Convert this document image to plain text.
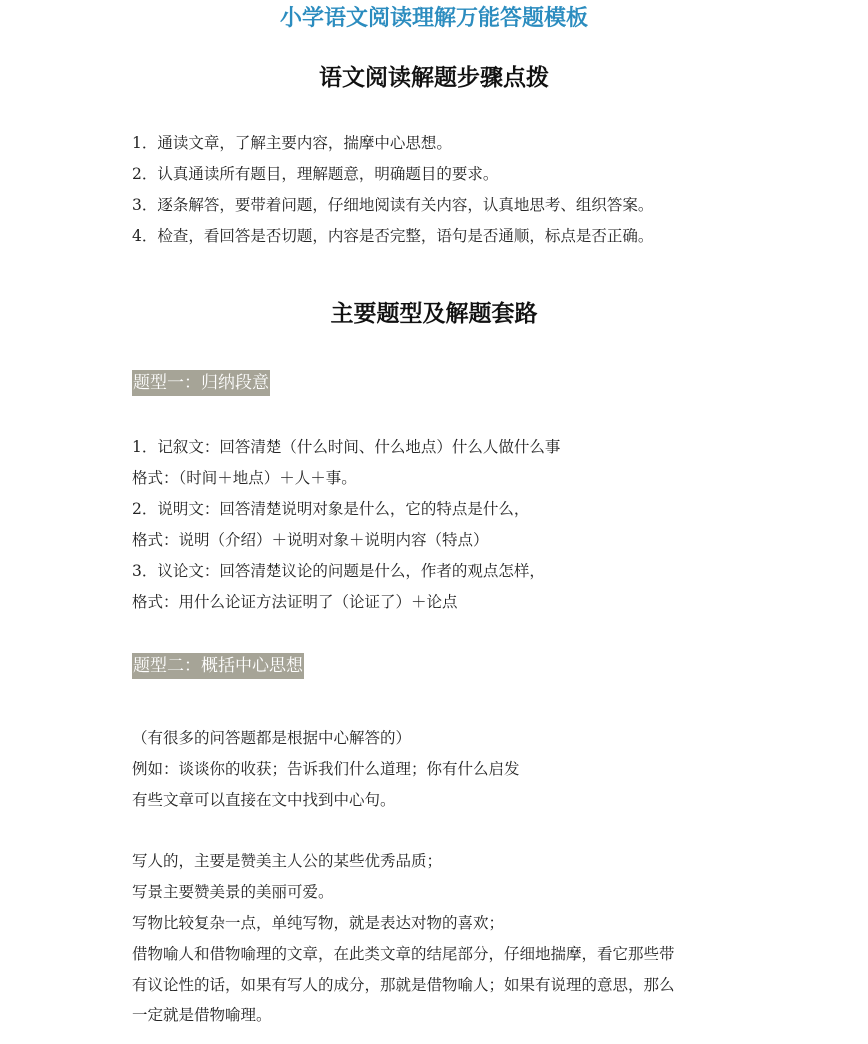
小学语文阅读理解万能答题模板
语文阅读解题步骤点拨
1．通读文章，了解主要内容，揣摩中心思想。
2．认真通读所有题目，理解题意，明确题目的要求。
3．逐条解答，要带着问题，仔细地阅读有关内容，认真地思考、组织答案。
4．检查，看回答是否切题，内容是否完整，语句是否通顺，标点是否正确。
主要题型及解题套路
题型一：归纳段意
1．记叙文：回答清楚（什么时间、什么地点）什么人做什么事
格式：（时间＋地点）＋人＋事。
2．说明文：回答清楚说明对象是什么，它的特点是什么，
格式：说明（介绍）＋说明对象＋说明内容（特点）
3．议论文：回答清楚议论的问题是什么，作者的观点怎样，
格式：用什么论证方法证明了（论证了）＋论点
题型二：概括中心思想
（有很多的问答题都是根据中心解答的）
例如：谈谈你的收获；告诉我们什么道理；你有什么启发
有些文章可以直接在文中找到中心句。
写人的，主要是赞美主人公的某些优秀品质；
写景主要赞美景的美丽可爱。
写物比较复杂一点，单纯写物，就是表达对物的喜欢；
借物喻人和借物喻理的文章，在此类文章的结尾部分，仔细地揣摩，看它那些带
有议论性的话，如果有写人的成分，那就是借物喻人；如果有说理的意思，那么
一定就是借物喻理。
